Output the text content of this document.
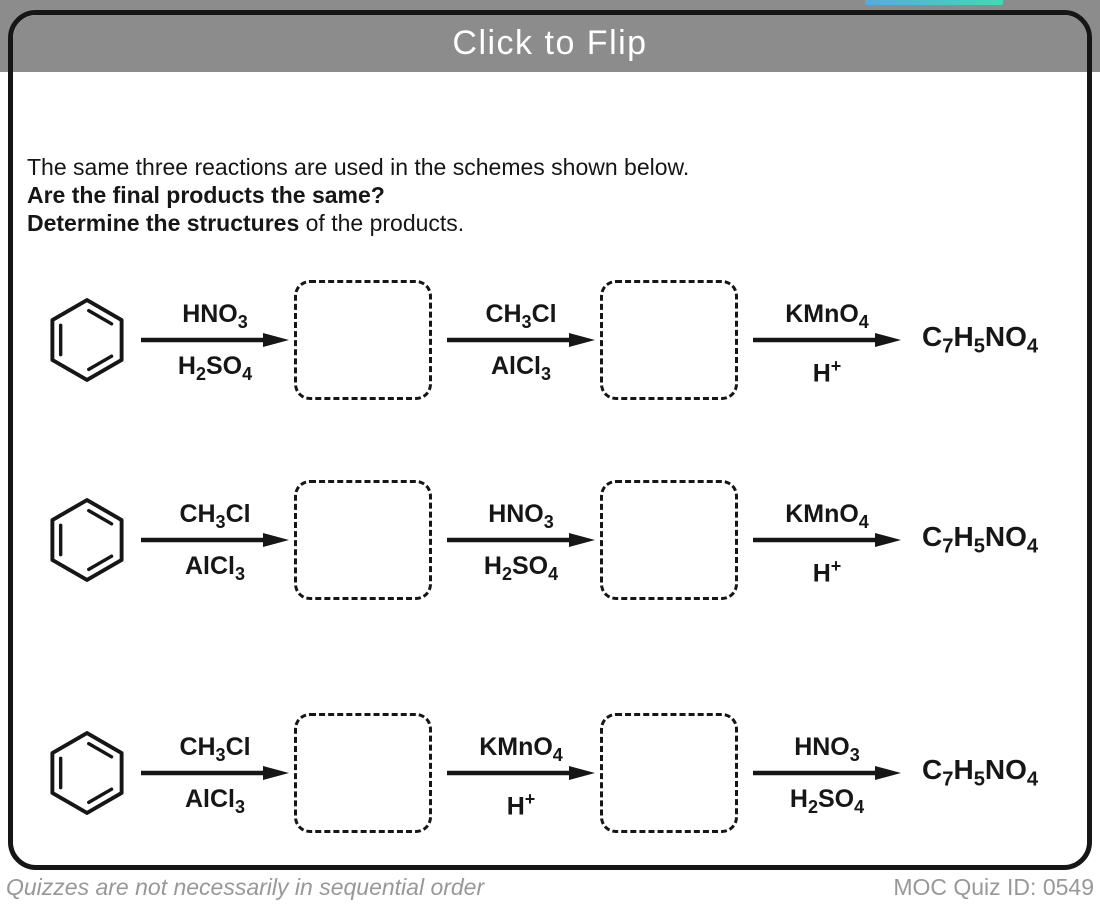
Click to Flip
The same three reactions are used in the schemes shown below.
Are the final products the same?
Determine the structures of the products.
$HNO_3$
$H_2SO_4$
$CH_3Cl$
AlCl$_3$
KMnO$_4$
H+
$C_7H_5NO_4$
$CH_3Cl$
AlCl$_3$
$HNO_3$
$H_2SO_4$
KMnO$_4$
H+
$C_7H_5NO_4$
$CH_3Cl$
AlCl$_3$
KMnO$_4$
H+
$HNO_3$
$H_2SO_4$
$C_7H_5NO_4$
Quizzes are not necessarily in sequential order	MOC Quiz ID: 0549
